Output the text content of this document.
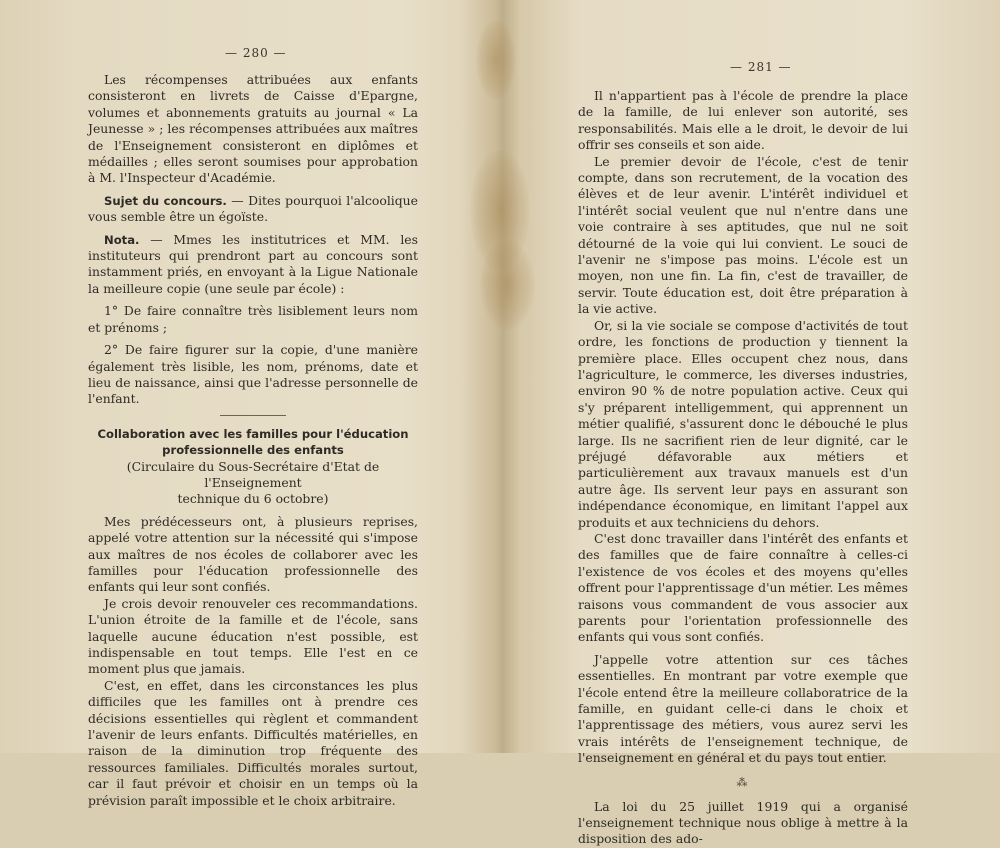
— 280 —

Les récompenses attribuées aux enfants consisteront en livrets de Caisse d'Epargne, volumes et abonnements gratuits au journal « La Jeunesse » ; les récompenses attribuées aux maîtres de l'Enseignement consisteront en diplômes et médailles ; elles seront soumises pour approbation à M. l'Inspecteur d'Académie.

Sujet du concours. — Dites pourquoi l'alcoolique vous semble être un égoïste.

Nota. — Mmes les institutrices et MM. les instituteurs qui prendront part au concours sont instamment priés, en envoyant à la Ligue Nationale la meilleure copie (une seule par école) :

1° De faire connaître très lisiblement leurs nom et prénoms ;

2° De faire figurer sur la copie, d'une manière également très lisible, les nom, prénoms, date et lieu de naissance, ainsi que l'adresse personnelle de l'enfant.

Collaboration avec les familles pour l'éducation
professionnelle des enfants
(Circulaire du Sous-Secrétaire d'Etat de l'Enseignement
technique du 6 octobre)

Mes prédécesseurs ont, à plusieurs reprises, appelé votre attention sur la nécessité qui s'impose aux maîtres de nos écoles de collaborer avec les familles pour l'éducation professionnelle des enfants qui leur sont confiés.

Je crois devoir renouveler ces recommandations. L'union étroite de la famille et de l'école, sans laquelle aucune éducation n'est possible, est indispensable en tout temps. Elle l'est en ce moment plus que jamais.

C'est, en effet, dans les circonstances les plus difficiles que les familles ont à prendre ces décisions essentielles qui règlent et commandent l'avenir de leurs enfants. Difficultés matérielles, en raison de la diminution trop fréquente des ressources familiales. Difficultés morales surtout, car il faut prévoir et choisir en un temps où la prévision paraît impossible et le choix arbitraire.

— 281 —

Il n'appartient pas à l'école de prendre la place de la famille, de lui enlever son autorité, ses responsabilités. Mais elle a le droit, le devoir de lui offrir ses conseils et son aide.

Le premier devoir de l'école, c'est de tenir compte, dans son recrutement, de la vocation des élèves et de leur avenir. L'intérêt individuel et l'intérêt social veulent que nul n'entre dans une voie contraire à ses aptitudes, que nul ne soit détourné de la voie qui lui convient. Le souci de l'avenir ne s'impose pas moins. L'école est un moyen, non une fin. La fin, c'est de travailler, de servir. Toute éducation est, doit être préparation à la vie active.

Or, si la vie sociale se compose d'activités de tout ordre, les fonctions de production y tiennent la première place. Elles occupent chez nous, dans l'agriculture, le commerce, les diverses industries, environ 90 % de notre population active. Ceux qui s'y préparent intelligemment, qui apprennent un métier qualifié, s'assurent donc le débouché le plus large. Ils ne sacrifient rien de leur dignité, car le préjugé défavorable aux métiers et particulièrement aux travaux manuels est d'un autre âge. Ils servent leur pays en assurant son indépendance économique, en limitant l'appel aux produits et aux techniciens du dehors.

C'est donc travailler dans l'intérêt des enfants et des familles que de faire connaître à celles-ci l'existence de vos écoles et des moyens qu'elles offrent pour l'apprentissage d'un métier. Les mêmes raisons vous commandent de vous associer aux parents pour l'orientation professionnelle des enfants qui vous sont confiés.

J'appelle votre attention sur ces tâches essentielles. En montrant par votre exemple que l'école entend être la meilleure collaboratrice de la famille, en guidant celle-ci dans le choix et l'apprentissage des métiers, vous aurez servi les vrais intérêts de l'enseignement technique, de l'enseignement en général et du pays tout entier.

⁂

La loi du 25 juillet 1919 qui a organisé l'enseignement technique nous oblige à mettre à la disposition des ado-
